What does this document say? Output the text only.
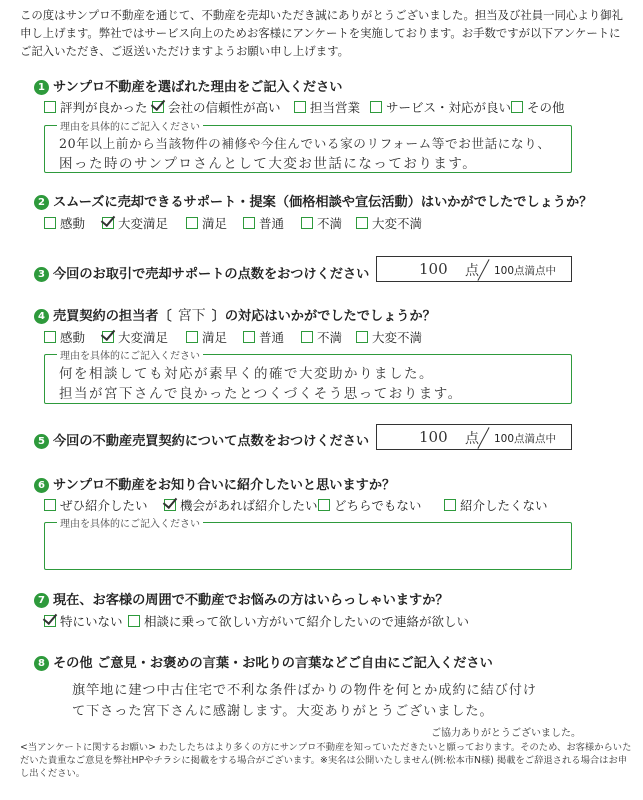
この度はサンプロ不動産を通じて、不動産を売却いただき誠にありがとうございました。担当及び社員一同心より御礼申し上げます。弊社ではサービス向上のためお客様にアンケートを実施しております。お手数ですが以下アンケートにご記入いただき、ご返送いただけますようお願い申し上げます。
1 サンプロ不動産を選ばれた理由をご記入ください
評判が良かった	会社の信頼性が高い	担当営業	サービス・対応が良い	その他
理由を具体的にご記入ください
20年以上前から当該物件の補修や今住んでいる家のリフォーム等でお世話になり、
困った時のサンプロさんとして大変お世話になっております。
2 スムーズに売却できるサポート・提案（価格相談や宣伝活動）はいかがでしたでしょうか？
感動	大変満足	満足	普通	不満	大変不満
3 今回のお取引で売却サポートの点数をおつけください	100 点 100点満点中
4 売買契約の担当者〔 宮下 〕の対応はいかがでしたでしょうか？
感動	大変満足	満足	普通	不満	大変不満
理由を具体的にご記入ください
何を相談しても対応が素早く的確で大変助かりました。
担当が宮下さんで良かったとつくづくそう思っております。
5 今回の不動産売買契約について点数をおつけください	100 点 100点満点中
6 サンプロ不動産をお知り合いに紹介したいと思いますか？
ぜひ紹介したい	機会があれば紹介したい	どちらでもない	紹介したくない
理由を具体的にご記入ください
7 現在、お客様の周囲で不動産でお悩みの方はいらっしゃいますか？
特にいない	相談に乗って欲しい方がいて紹介したいので連絡が欲しい
8 その他 ご意見・お褒めの言葉・お叱りの言葉などご自由にご記入ください
旗竿地に建つ中古住宅で不利な条件ばかりの物件を何とか成約に結び付け
て下さった宮下さんに感謝します。大変ありがとうございました。
ご協力ありがとうございました。
<当アンケートに関するお願い> わたしたちはより多くの方にサンプロ不動産を知っていただきたいと願っております。そのため、お客様からいただいた貴重なご意見を弊社HPやチラシに掲載をする場合がございます。※実名は公開いたしません(例:松本市N様) 掲載をご辞退される場合はお申し出ください。
